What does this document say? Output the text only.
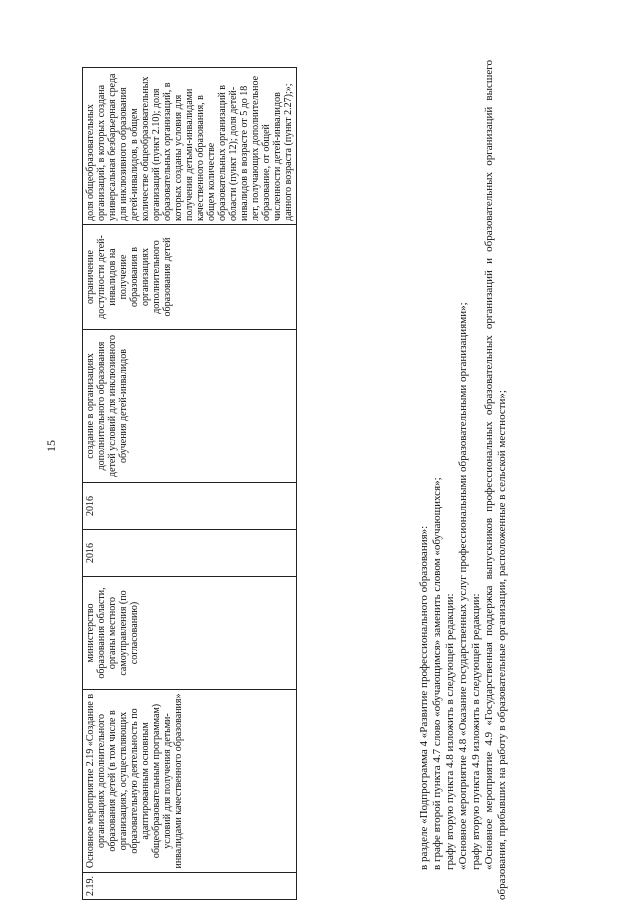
15
2.19.	Основное мероприятие 2.19 «Создание в организациях дополнительного образования детей (в том числе в организациях, осуществляющих образовательную деятельность по адаптированным основным общеобразовательным программам) условий для получения детьми-инвалидами качественного образования»	министерство образования области, органы местного самоуправления (по согласованию)	2016	2016	создание в организациях дополнительного образования детей условий для инклюзивного обучения детей-инвалидов	ограничение доступности детей-инвалидов на получение образования в организациях дополнительного образования детей	доля общеобразовательных организаций, в которых создана универсальная безбарьерная среда для инклюзивного образования детей-инвалидов, в общем количестве общеобразовательных организаций (пункт 2.10); доля образовательных организаций, в которых созданы условия для получения детьми-инвалидами качественного образования, в общем количестве образовательных организаций в области (пункт 12); доля детей-инвалидов в возрасте от 5 до 18 лет, получающих дополнительное образование, от общей численности детей-инвалидов данного возраста (пункт 2.27);»;

в разделе «Подпрограмма 4 «Развитие профессионального образования»: в графе второй пункта 4.7 слово «обучающимся» заменить словом «обучающихся»; графу вторую пункта 4.8 изложить в следующей редакции: «Основное мероприятие 4.8 «Оказание государственных услуг профессиональными образовательными организациями»; графу вторую пункта 4.9 изложить в следующей редакции: «Основное мероприятие 4.9 «Государственная поддержка выпускников профессиональных образовательных организаций и образовательных организаций высшего образования, прибывших на работу в образовательные организации, расположенные в сельской местности»;
